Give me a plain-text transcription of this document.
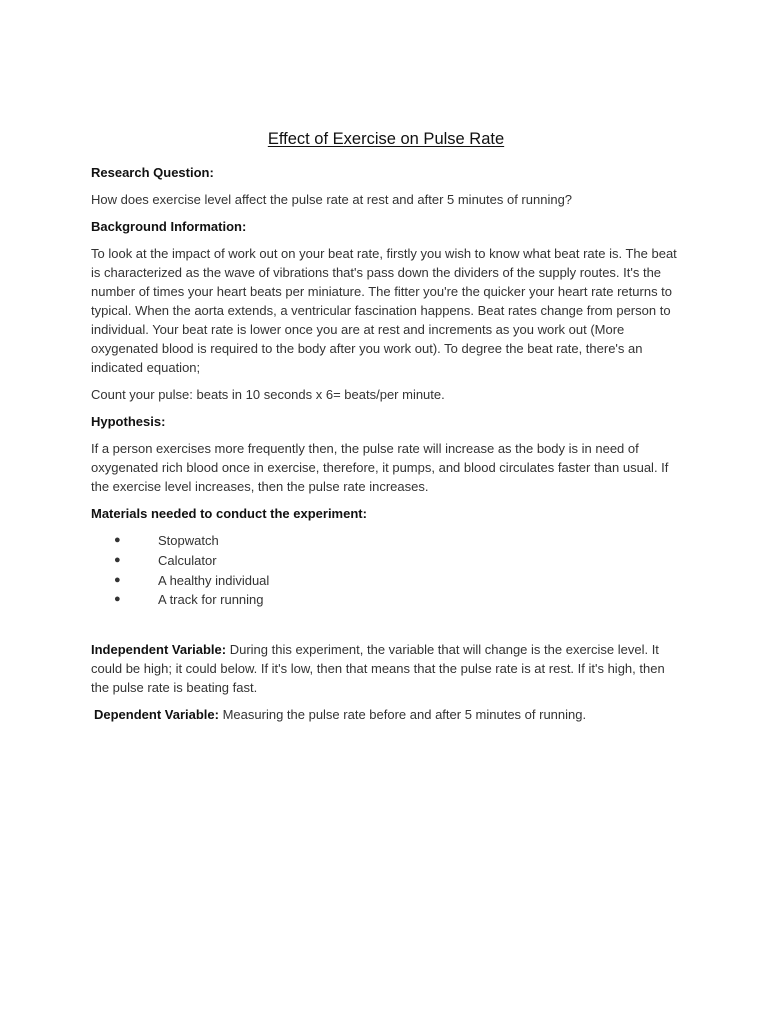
Effect of Exercise on Pulse Rate
Research Question:
How does exercise level affect the pulse rate at rest and after 5 minutes of running?
Background Information:
To look at the impact of work out on your beat rate, firstly you wish to know what beat rate is. The beat is characterized as the wave of vibrations that's pass down the dividers of the supply routes. It's the number of times your heart beats per miniature. The fitter you're the quicker your heart rate returns to typical. When the aorta extends, a ventricular fascination happens. Beat rates change from person to individual. Your beat rate is lower once you are at rest and increments as you work out (More oxygenated blood is required to the body after you work out). To degree the beat rate, there's an indicated equation;
Count your pulse: beats in 10 seconds x 6= beats/per minute.
Hypothesis:
If a person exercises more frequently then, the pulse rate will increase as the body is in need of oxygenated rich blood once in exercise, therefore, it pumps, and blood circulates faster than usual. If the exercise level increases, then the pulse rate increases.
Materials needed to conduct the experiment:
●	Stopwatch
●	Calculator
●	A healthy individual
●	A track for running
Independent Variable: During this experiment, the variable that will change is the exercise level. It could be high; it could below. If it's low, then that means that the pulse rate is at rest. If it's high, then the pulse rate is beating fast.
Dependent Variable: Measuring the pulse rate before and after 5 minutes of running.
